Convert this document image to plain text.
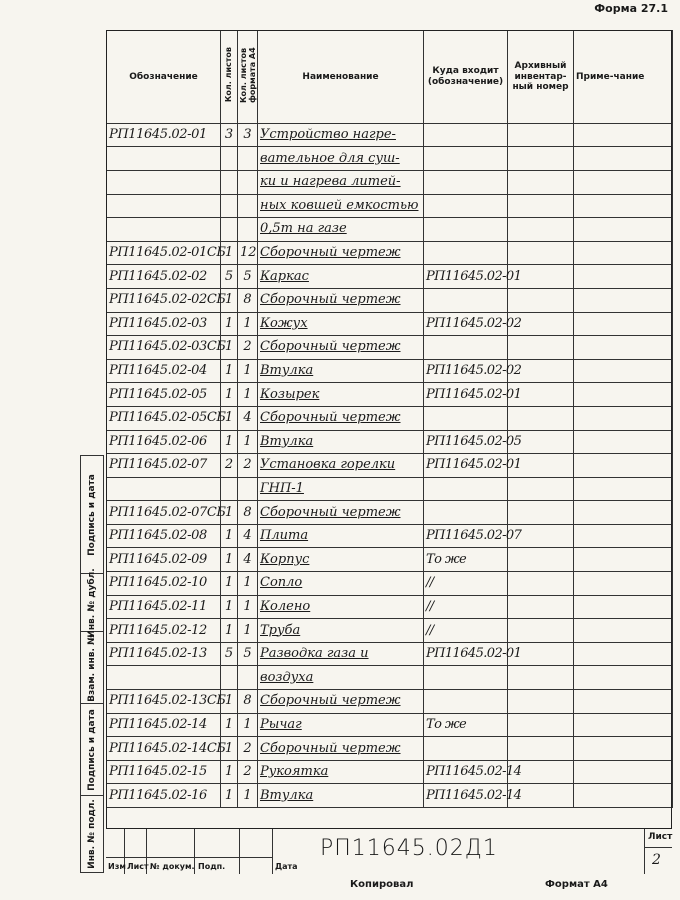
Форма 27.1
Обозначение	Кол. листов	Кол. листов формата А4	Наименование	Куда входит (обозначение)	Архивный инвентар-ный номер	Приме-чание
РП11645.02-01	3	3	Устройство нагре-			
			вательное для суш-			
			ки и нагрева литей-			
			ных ковшей емкостью			
			0,5т на газе			
РП11645.02-01СБ	1	12	Сборочный чертеж			
РП11645.02-02	5	5	Каркас	РП11645.02-01		
РП11645.02-02СБ	1	8	Сборочный чертеж			
РП11645.02-03	1	1	Кожух	РП11645.02-02		
РП11645.02-03СБ	1	2	Сборочный чертеж			
РП11645.02-04	1	1	Втулка	РП11645.02-02		
РП11645.02-05	1	1	Козырек	РП11645.02-01		
РП11645.02-05СБ	1	4	Сборочный чертеж			
РП11645.02-06	1	1	Втулка	РП11645.02-05		
РП11645.02-07	2	2	Установка горелки	РП11645.02-01		
			ГНП-1			
РП11645.02-07СБ	1	8	Сборочный чертеж			
РП11645.02-08	1	4	Плита	РП11645.02-07		
РП11645.02-09	1	4	Корпус	То же		
РП11645.02-10	1	1	Сопло	//		
РП11645.02-11	1	1	Колено	//		
РП11645.02-12	1	1	Труба	//		
РП11645.02-13	5	5	Разводка газа и	РП11645.02-01		
			воздуха			
РП11645.02-13СБ	1	8	Сборочный чертеж			
РП11645.02-14	1	1	Рычаг	То же		
РП11645.02-14СБ	1	2	Сборочный чертеж			
РП11645.02-15	1	2	Рукоятка	РП11645.02-14		
РП11645.02-16	1	1	Втулка	РП11645.02-14		
Подпись и дата
Инв. № дубл.
Взам. инв. №
Подпись и дата
Инв. № подл.	РП11645.02Д1	Лист
2
Изм Лист № докум. Подп.	Дата
Копировал	Формат А4
